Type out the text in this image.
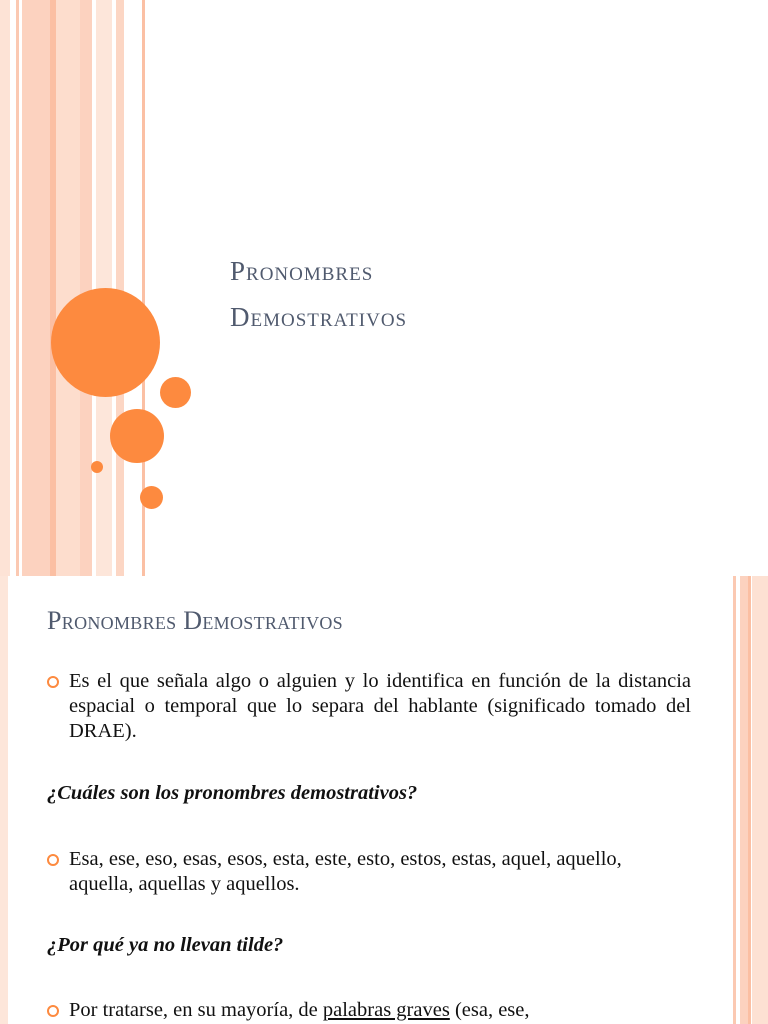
Pronombres
Demostrativos
Pronombres Demostrativos

Es el que señala algo o alguien y lo identifica en función de la distancia espacial o temporal que lo separa del hablante (significado tomado del DRAE).

¿Cuáles son los pronombres demostrativos?

Esa, ese, eso, esas, esos, esta, este, esto, estos, estas, aquel, aquello, aquella, aquellas y aquellos.

¿Por qué ya no llevan tilde?

Por tratarse, en su mayoría, de palabras graves (esa, ese,
